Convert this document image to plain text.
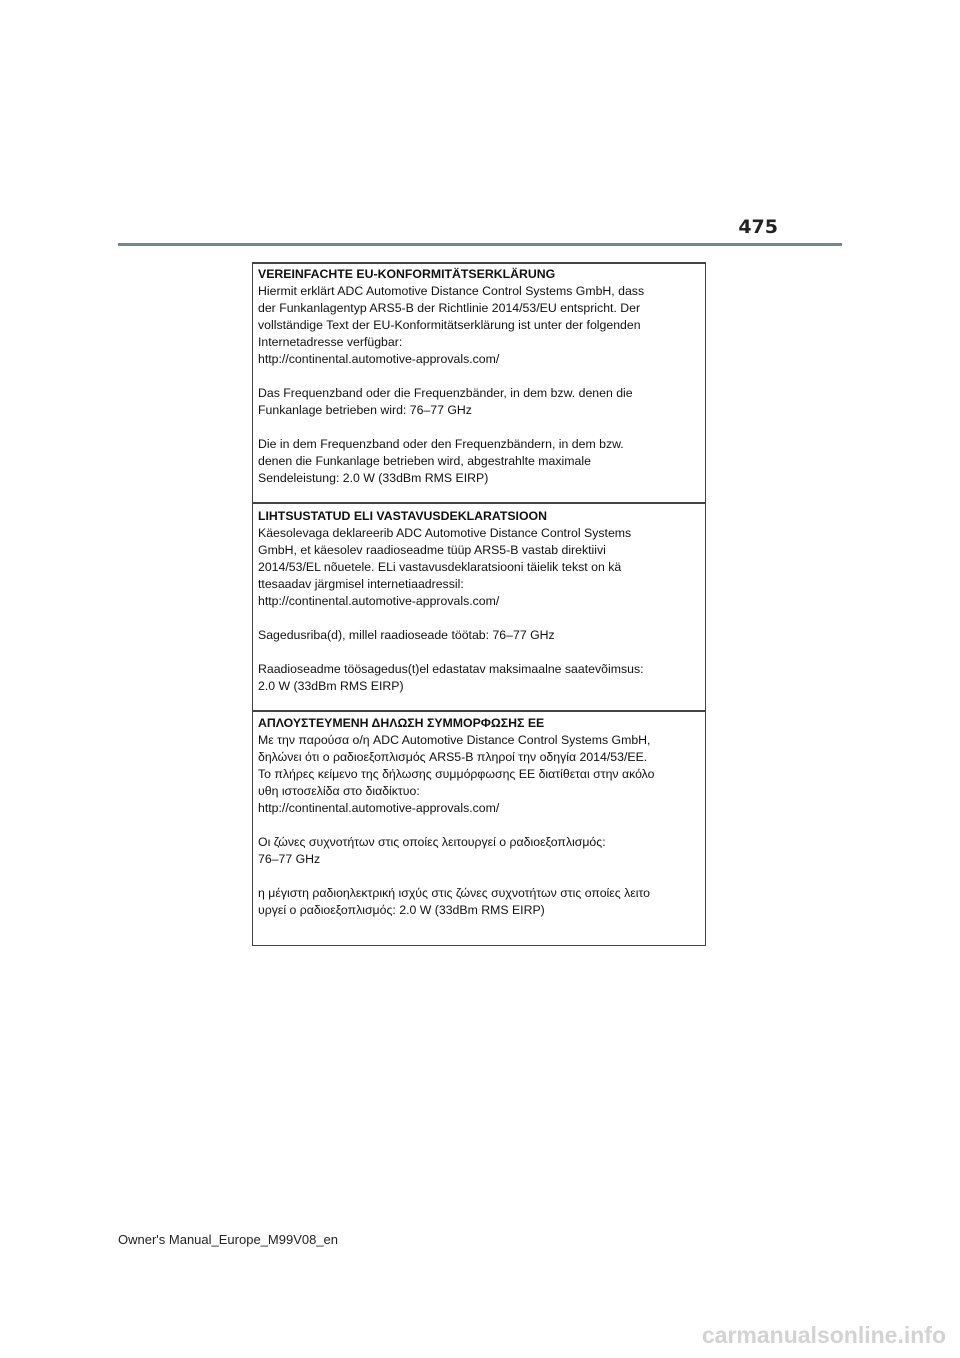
475
VEREINFACHTE EU-KONFORMITÄTSERKLÄRUNG
Hiermit erklärt ADC Automotive Distance Control Systems GmbH, dass
der Funkanlagentyp ARS5-B der Richtlinie 2014/53/EU entspricht. Der
vollständige Text der EU-Konformitätserklärung ist unter der folgenden
Internetadresse verfügbar:
http://continental.automotive-approvals.com/
Das Frequenzband oder die Frequenzbänder, in dem bzw. denen die
Funkanlage betrieben wird: 76–77 GHz
Die in dem Frequenzband oder den Frequenzbändern, in dem bzw.
denen die Funkanlage betrieben wird, abgestrahlte maximale
Sendeleistung: 2.0 W (33dBm RMS EIRP)
LIHTSUSTATUD ELI VASTAVUSDEKLARATSIOON
Käesolevaga deklareerib ADC Automotive Distance Control Systems
GmbH, et käesolev raadioseadme tüüp ARS5-B vastab direktiivi
2014/53/EL nõuetele. ELi vastavusdeklaratsiooni täielik tekst on kä
ttesaadav järgmisel internetiaadressil:
http://continental.automotive-approvals.com/
Sagedusriba(d), millel raadioseade töötab: 76–77 GHz
Raadioseadme töösagedus(t)el edastatav maksimaalne saatevõimsus:
2.0 W (33dBm RMS EIRP)
ΑΠΛΟΥΣΤΕΥΜΕΝΗ ΔΗΛΩΣΗ ΣΥΜΜΟΡΦΩΣΗΣ ΕΕ
Με την παρούσα ο/η ADC Automotive Distance Control Systems GmbH,
δηλώνει ότι ο ραδιοεξοπλισμός ARS5-B πληροί την οδηγία 2014/53/ΕΕ.
Το πλήρες κείμενο της δήλωσης συμμόρφωσης ΕΕ διατίθεται στην ακόλο
υθη ιστοσελίδα στο διαδίκτυο:
http://continental.automotive-approvals.com/
Οι ζώνες συχνοτήτων στις οποίες λειτουργεί ο ραδιοεξοπλισμός:
76–77 GHz
η μέγιστη ραδιοηλεκτρική ισχύς στις ζώνες συχνοτήτων στις οποίες λειτο
υργεί ο ραδιοεξοπλισμός: 2.0 W (33dBm RMS EIRP)
Owner's Manual_Europe_M99V08_en
carmanualsonline.info
